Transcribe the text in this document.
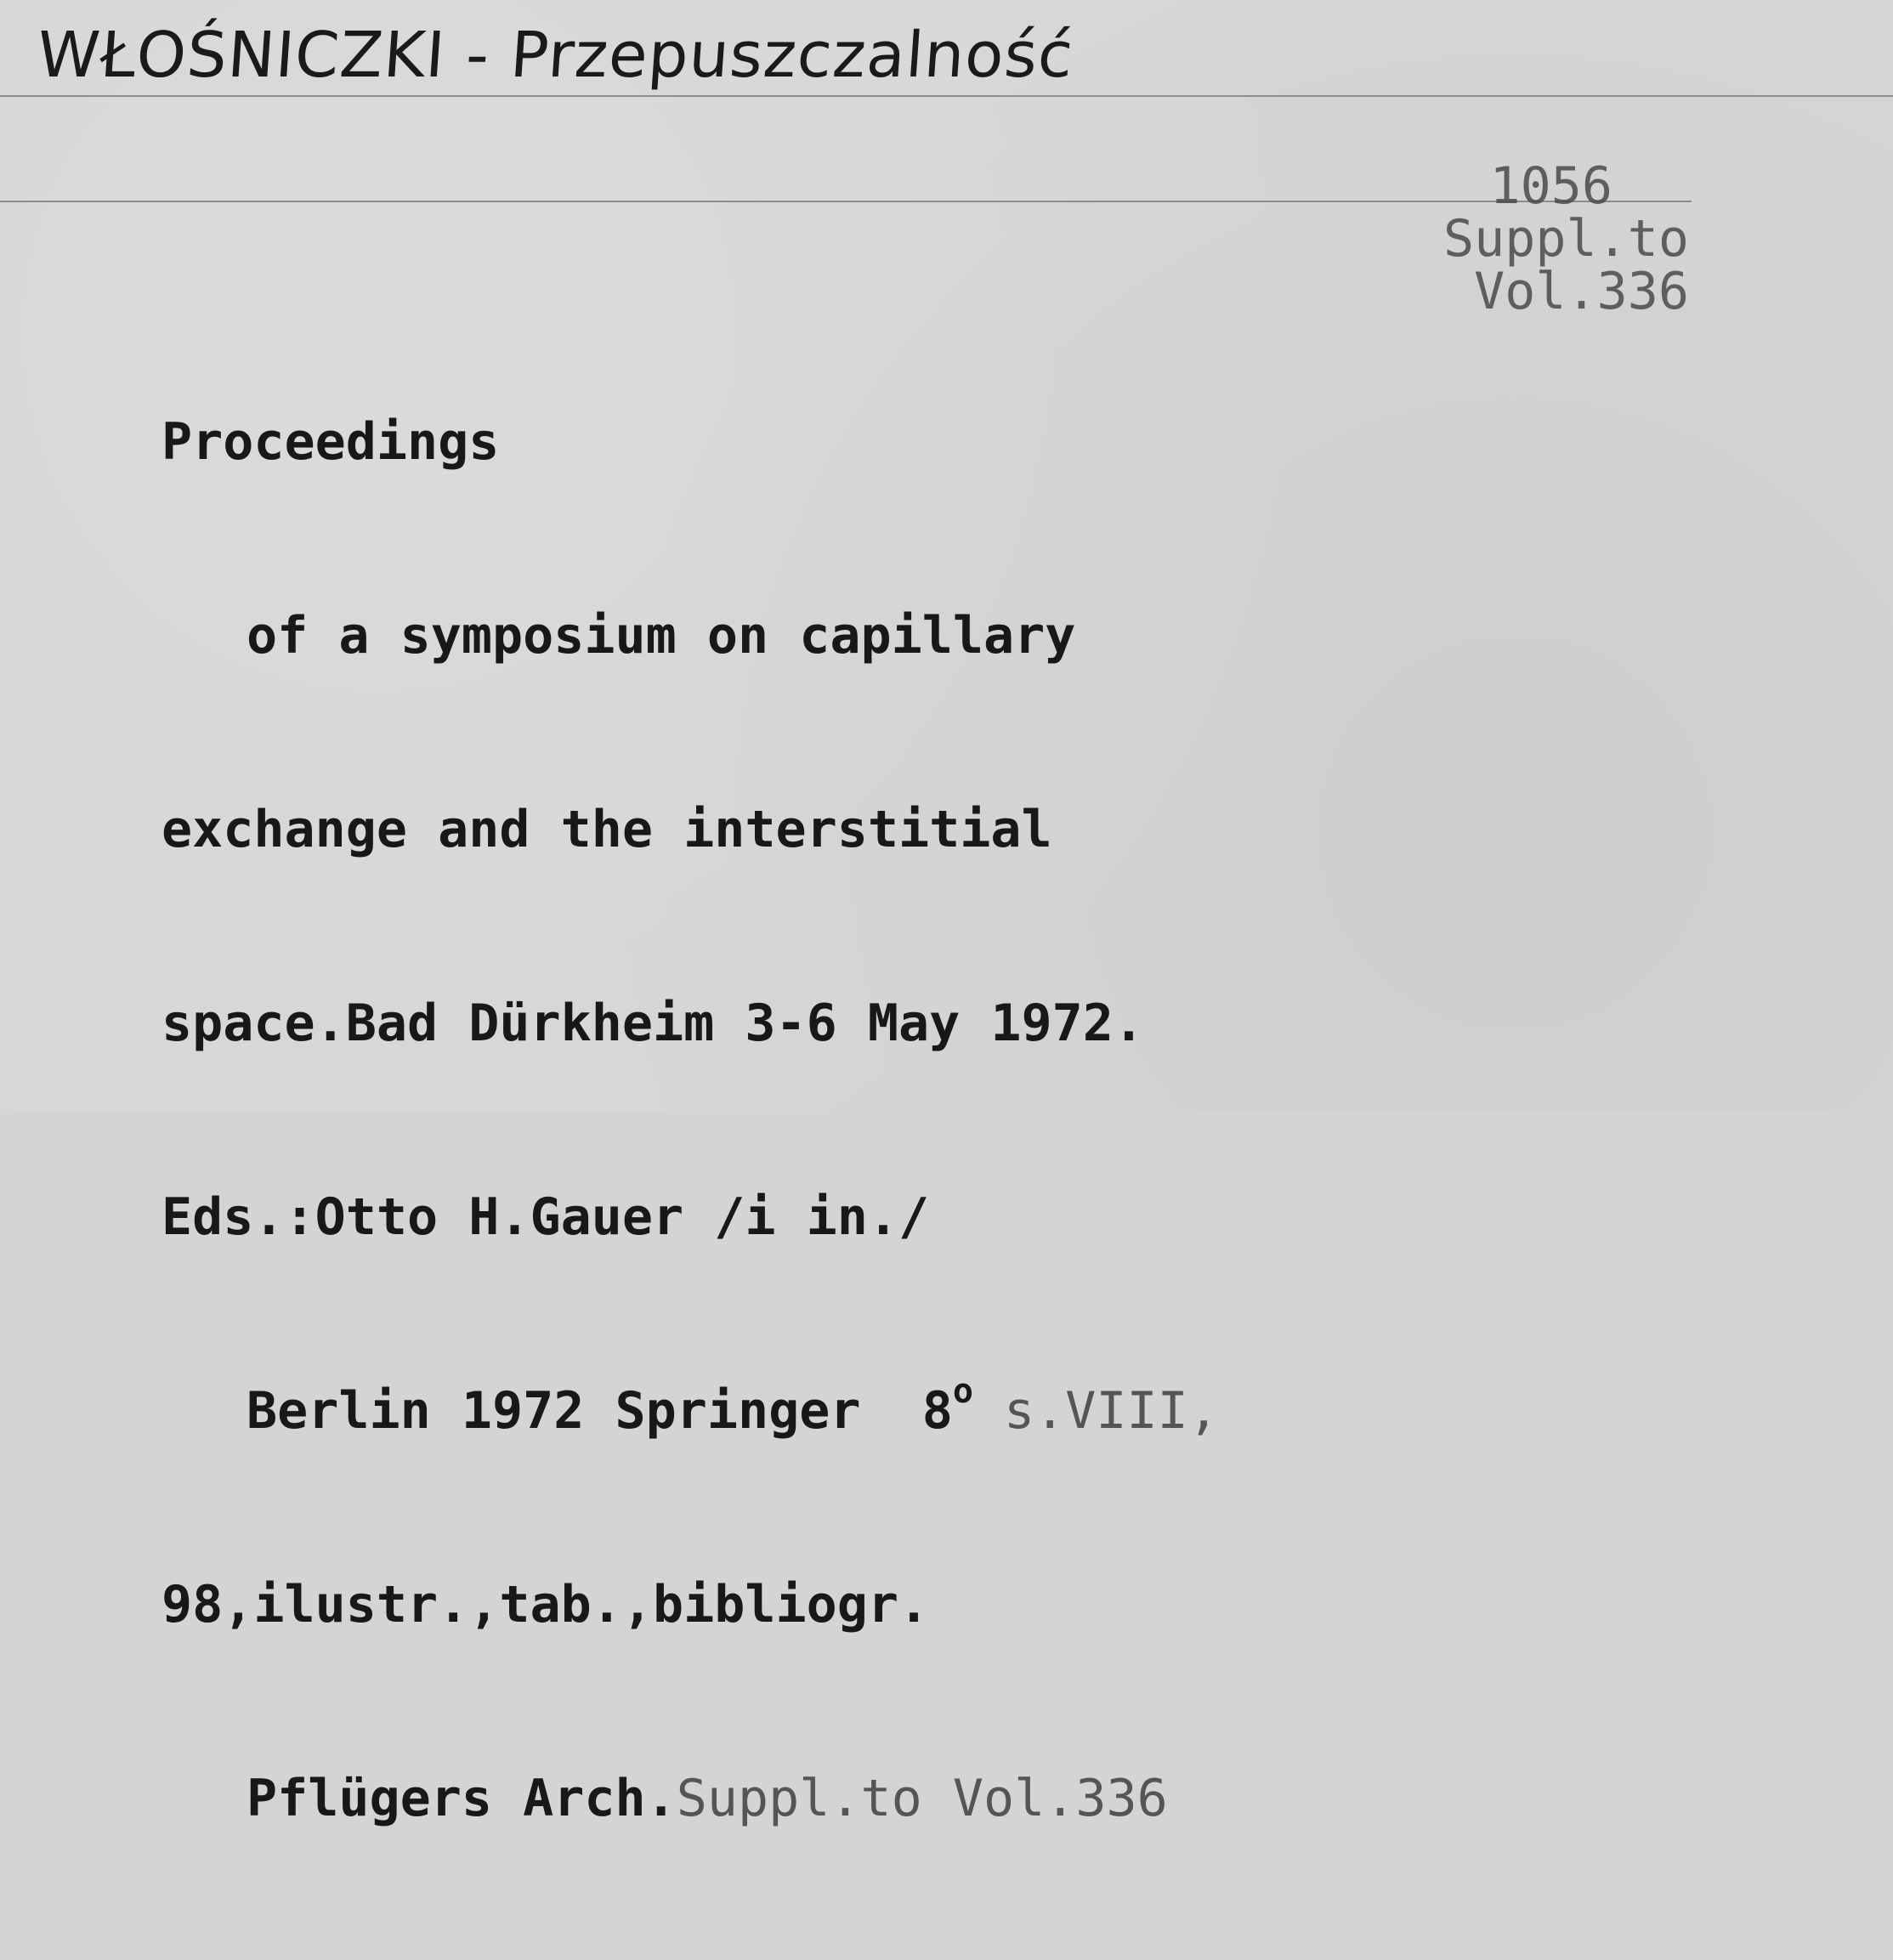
WŁOŚNICZKI - Przepuszczalność
1056
Suppl.to
Vol.336

Proceedings

of a symposium on capillary

exchange and the interstitial

space.Bad Dürkheim 3-6 May 1972.

Eds.:Otto H.Gauer /i in./

Berlin 1972 Springer  8$^o$ s.VIII,

98,ilustr.,tab.,bibliogr.

Pflügers Arch.Suppl.to Vol.336
